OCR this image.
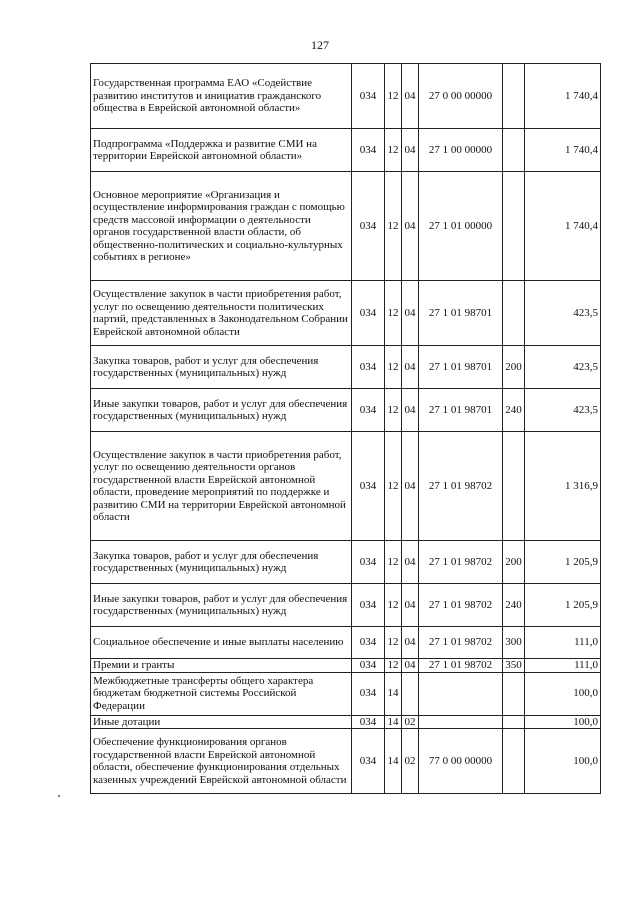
127
Государственная программа ЕАО «Содействие развитию институтов и инициатив гражданского общества в Еврейской автономной области»	034	12	04	27 0 00 00000		1 740,4
Подпрограмма «Поддержка и развитие СМИ на территории Еврейской автономной области»	034	12	04	27 1 00 00000		1 740,4
Основное мероприятие «Организация и осуществление информирования граждан с помощью средств массовой информации о деятельности органов государственной власти области, об общественно-политических и социально-культурных событиях в регионе»	034	12	04	27 1 01 00000		1 740,4
Осуществление закупок в части приобретения работ, услуг по освещению деятельности политических партий, представленных в Законодательном Собрании Еврейской автономной области	034	12	04	27 1 01 98701		423,5
Закупка товаров, работ и услуг для обеспечения государственных (муниципальных) нужд	034	12	04	27 1 01 98701	200	423,5
Иные закупки товаров, работ и услуг для обеспечения государственных (муниципальных) нужд	034	12	04	27 1 01 98701	240	423,5
Осуществление закупок в части приобретения работ, услуг по освещению деятельности органов государственной власти Еврейской автономной области, проведение мероприятий по поддержке и развитию СМИ на территории Еврейской автономной области	034	12	04	27 1 01 98702		1 316,9
Закупка товаров, работ и услуг для обеспечения государственных (муниципальных) нужд	034	12	04	27 1 01 98702	200	1 205,9
Иные закупки товаров, работ и услуг для обеспечения государственных (муниципальных) нужд	034	12	04	27 1 01 98702	240	1 205,9
Социальное обеспечение и иные выплаты населению	034	12	04	27 1 01 98702	300	111,0
Премии и гранты	034	12	04	27 1 01 98702	350	111,0
Межбюджетные трансферты общего характера бюджетам бюджетной системы Российской Федерации	034	14				100,0
Иные дотации	034	14	02			100,0
Обеспечение функционирования органов государственной власти Еврейской автономной области, обеспечение функционирования отдельных казенных учреждений Еврейской автономной области	034	14	02	77 0 00 00000		100,0
